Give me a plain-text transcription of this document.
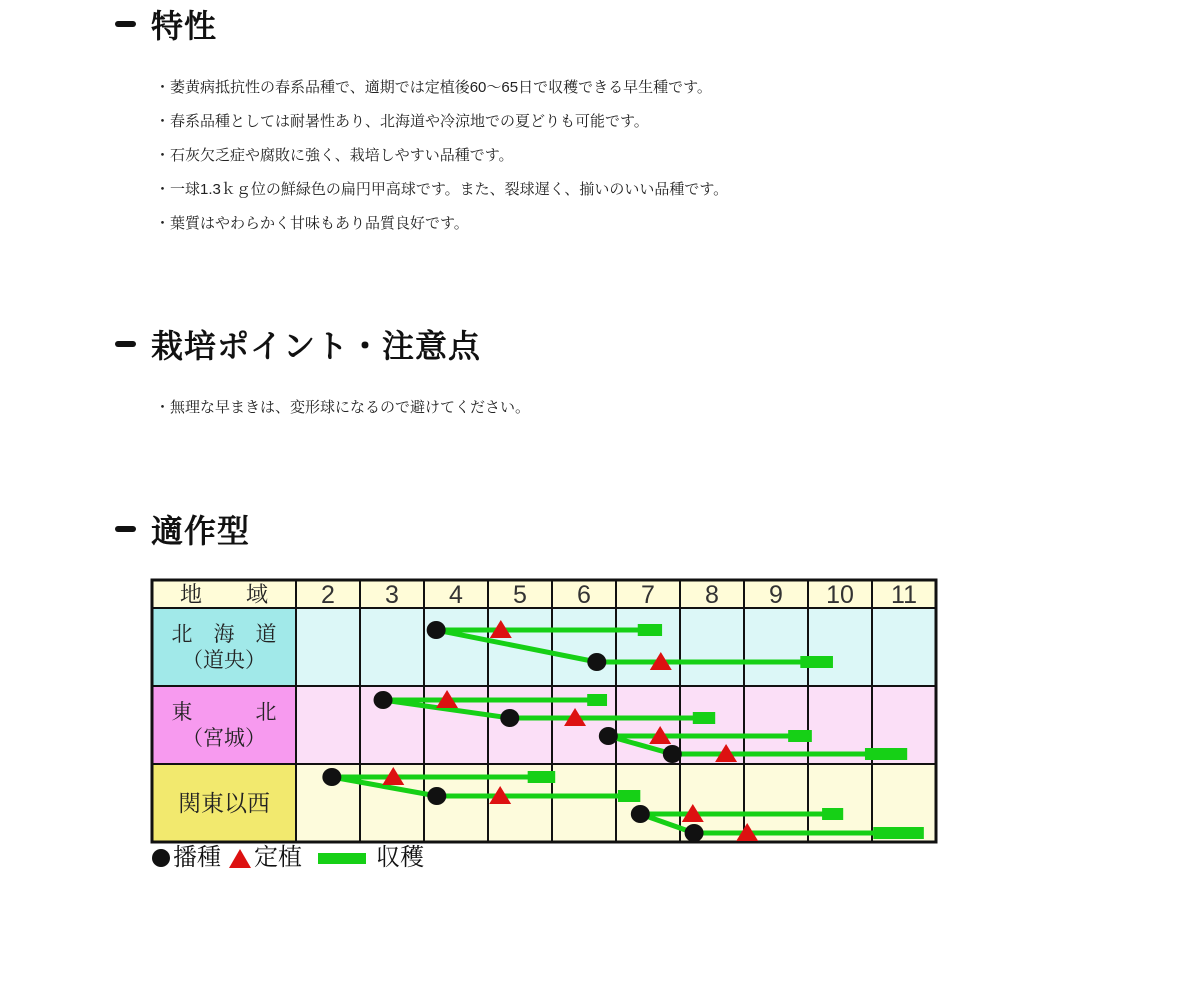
特性
・萎黄病抵抗性の春系品種で、適期では定植後60〜65日で収穫できる早生種です。
・春系品種としては耐暑性あり、北海道や冷涼地での夏どりも可能です。
・石灰欠乏症や腐敗に強く、栽培しやすい品種です。
・一球1.3ｋｇ位の鮮緑色の扁円甲高球です。また、裂球遅く、揃いのいい品種です。
・葉質はやわらかく甘味もあり品質良好です。
栽培ポイント・注意点
・無理な早まきは、変形球になるので避けてください。
適作型
地　　域 2 3 4 5 6 7 8 9 10 11
北　海　道
（道央）
東　　　北
（宮城）
関東以西
播種 定植	収穫
